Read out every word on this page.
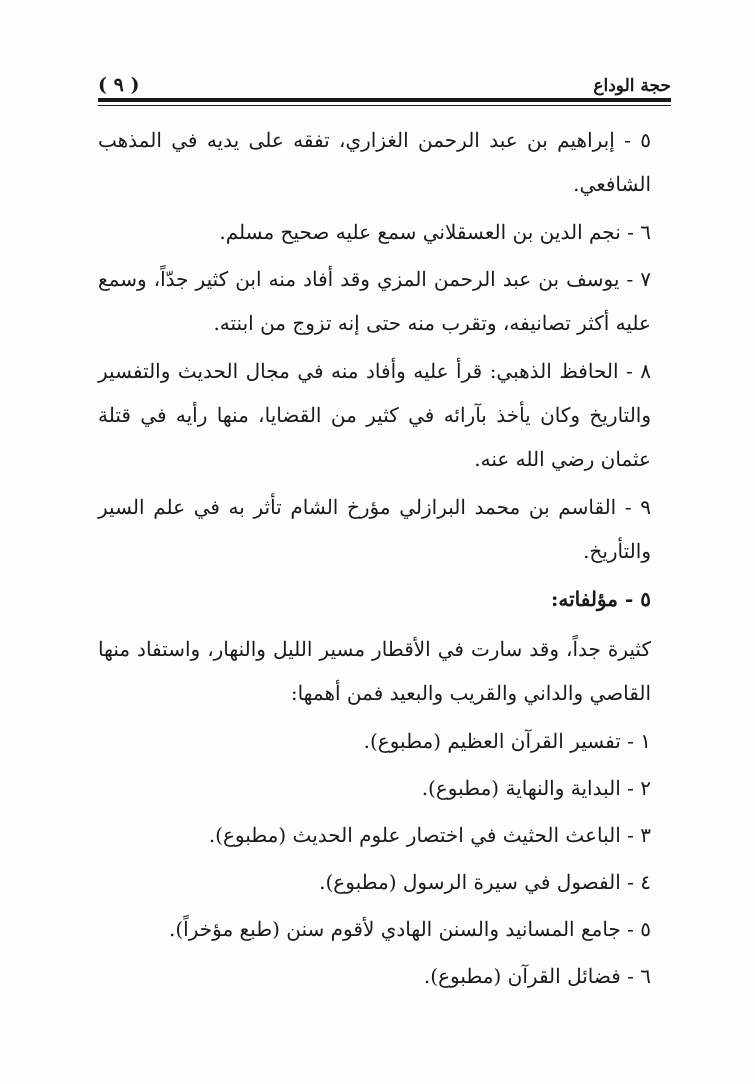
( ٩ )	حجة الوداع

٥ - إبراهيم بن عبد الرحمن الغزاري، تفقه على يديه في المذهب الشافعي.

٦ - نجم الدين بن العسقلاني سمع عليه صحيح مسلم.

٧ - يوسف بن عبد الرحمن المزي وقد أفاد منه ابن كثير جدّاً، وسمع عليه أكثر تصانيفه، وتقرب منه حتى إنه تزوج من ابنته.

٨ - الحافظ الذهبي: قرأ عليه وأفاد منه في مجال الحديث والتفسير والتاريخ وكان يأخذ بآرائه في كثير من القضايا، منها رأيه في قتلة عثمان رضي الله عنه.

٩ - القاسم بن محمد البرازلي مؤرخ الشام تأثر به في علم السير والتأريخ.

٥ - مؤلفاته:

كثيرة جداً، وقد سارت في الأقطار مسير الليل والنهار، واستفاد منها القاصي والداني والقريب والبعيد فمن أهمها:

١ - تفسير القرآن العظيم (مطبوع).

٢ - البداية والنهاية (مطبوع).

٣ - الباعث الحثيث في اختصار علوم الحديث (مطبوع).

٤ - الفصول في سيرة الرسول (مطبوع).

٥ - جامع المسانيد والسنن الهادي لأقوم سنن (طبع مؤخراً).

٦ - فضائل القرآن (مطبوع).
